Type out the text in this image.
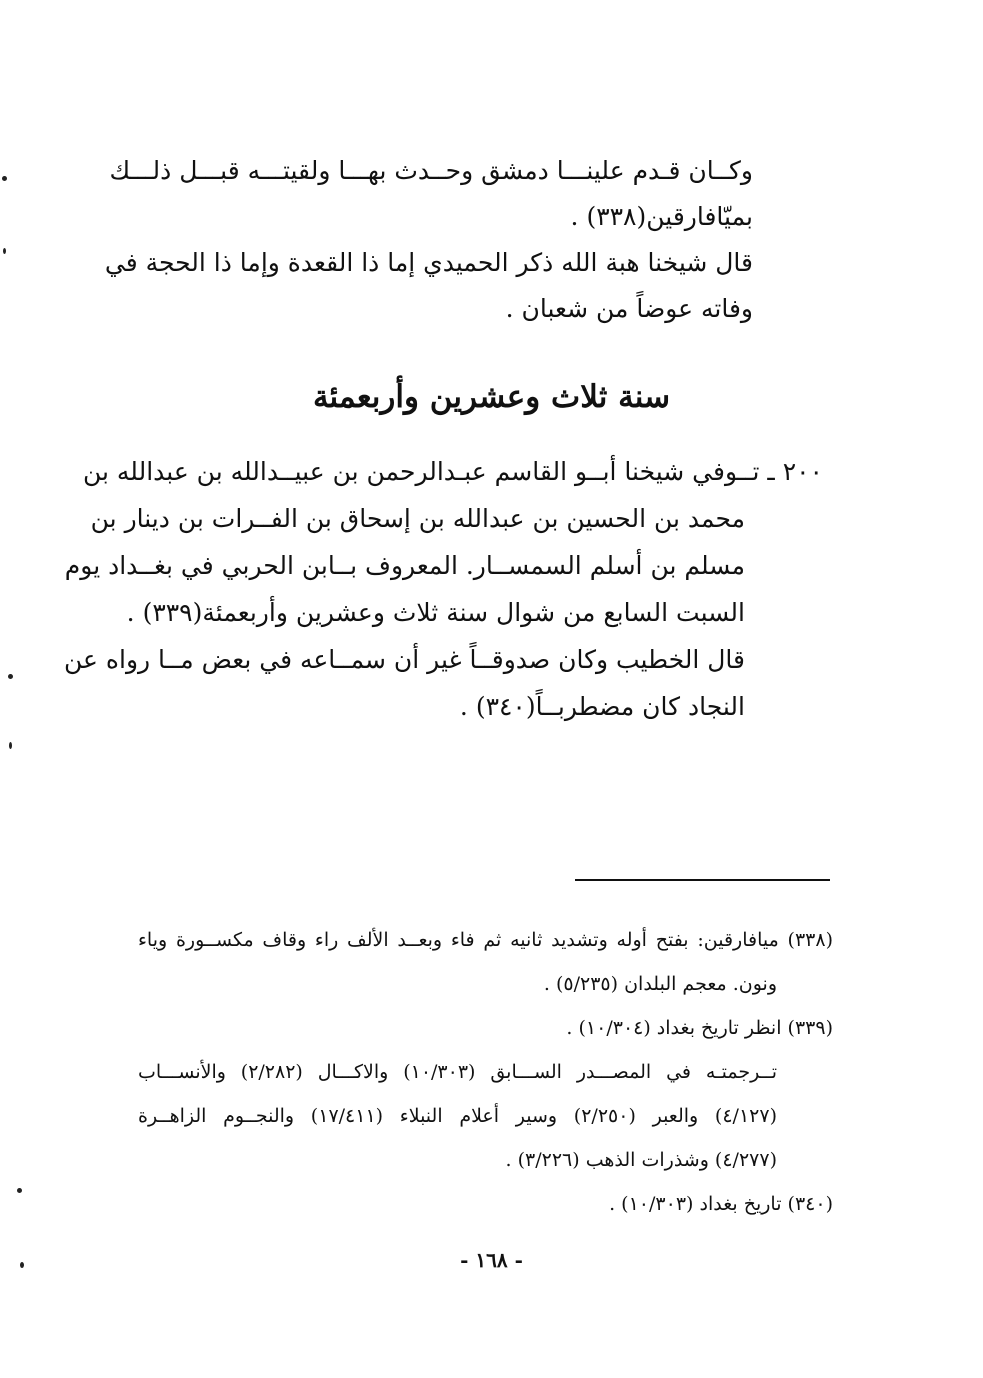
وكــان قـدم علينـــا دمشق وحــدث بهـــا ولقيتـــه قبـــل ذلـــك
بميّافارقين(٣٣٨) .
قال شيخنا هبة الله ذكر الحميدي إما ذا القعدة وإما ذا الحجة في
وفاته عوضاً من شعبان .
سنة ثلاث وعشرين وأربعمئة
٢٠٠ ـ تــوفي شيخنا أبــو القاسم عبـدالرحمن بن عبيــدالله بن عبدالله بن
محمد بن الحسين بن عبدالله بن إسحاق بن الفــرات بن دينار بن
مسلم بن أسلم السمســار. المعروف بــابن الحربي في بغــداد يوم
السبت السابع من شوال سنة ثلاث وعشرين وأربعمئة(٣٣٩) .
قال الخطيب وكان صدوقــاً غير أن سمــاعه في بعض مــا رواه عن
النجاد كان مضطربــاً(٣٤٠) .
(٣٣٨) ميافارقين: بفتح أوله وتشديد ثانيه ثم فاء وبعــد الألف راء وقاف مكســورة وياء
ونون. معجم البلدان (٥/٢٣٥) .
(٣٣٩) انظر تاريخ بغداد (١٠/٣٠٤) .
تــرجمتـه في المصـــدر الســـابق (١٠/٣٠٣) والاكـــال (٢/٢٨٢) والأنســـاب
(٤/١٢٧) والعبر (٢/٢٥٠) وسير أعلام النبلاء (١٧/٤١١) والنجــوم الزاهــرة
(٤/٢٧٧) وشذرات الذهب (٣/٢٢٦) .
(٣٤٠) تاريخ بغداد (١٠/٣٠٣) .
- ١٦٨ -
